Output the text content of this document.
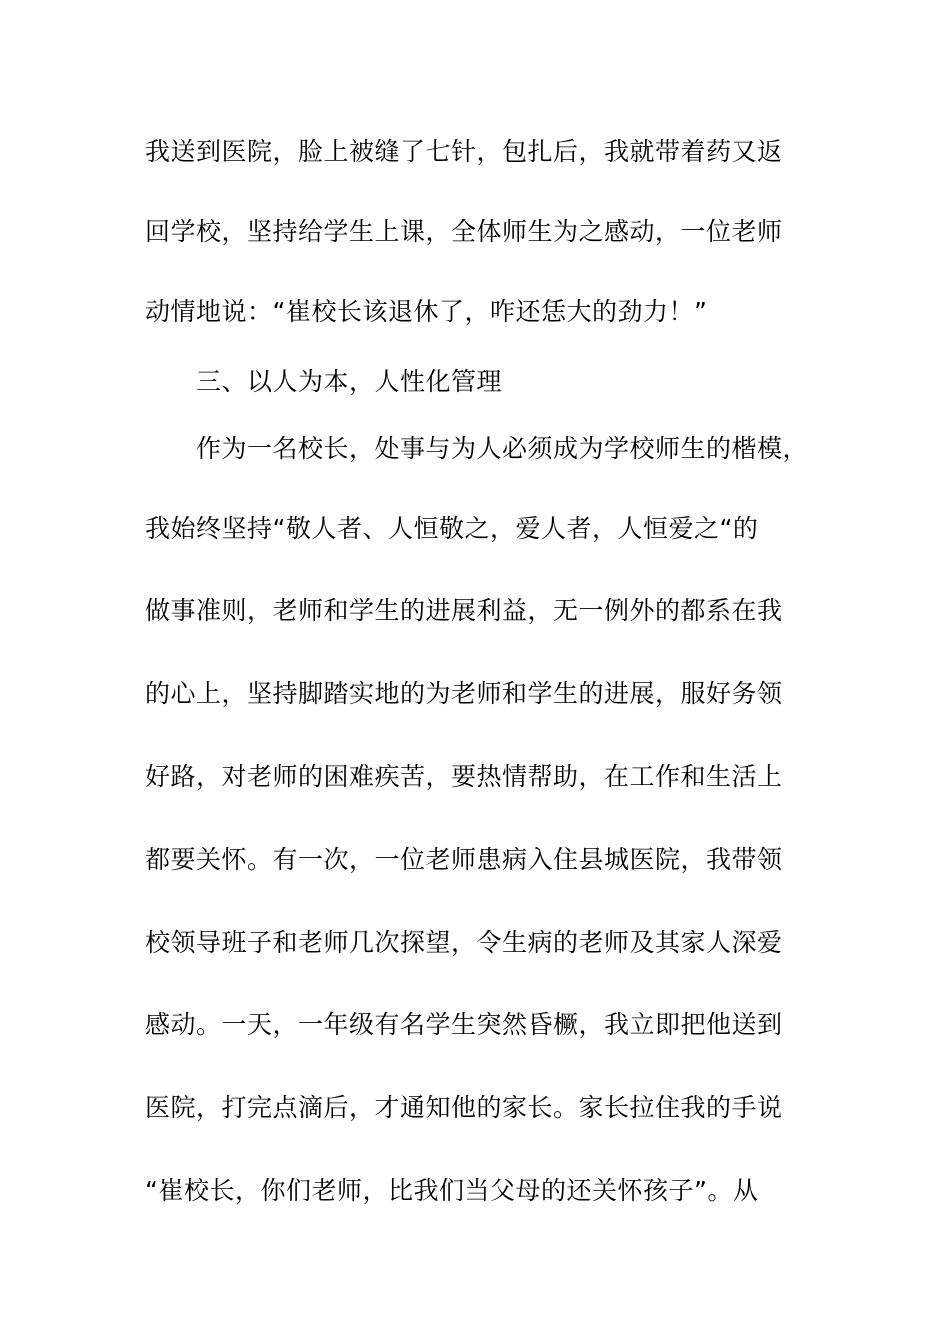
我送到医院，脸上被缝了七针，包扎后，我就带着药又返
回学校，坚持给学生上课，全体师生为之感动，一位老师
动情地说：“崔校长该退休了，咋还恁大的劲力！”
三、以人为本，人性化管理
作为一名校长，处事与为人必须成为学校师生的楷模，
我始终坚持“敬人者、人恒敬之，爱人者，人恒爱之“的
做事准则，老师和学生的进展利益，无一例外的都系在我
的心上，坚持脚踏实地的为老师和学生的进展，服好务领
好路，对老师的困难疾苦，要热情帮助，在工作和生活上
都要关怀。有一次，一位老师患病入住县城医院，我带领
校领导班子和老师几次探望，令生病的老师及其家人深爱
感动。一天，一年级有名学生突然昏橛，我立即把他送到
医院，打完点滴后，才通知他的家长。家长拉住我的手说
“崔校长，你们老师，比我们当父母的还关怀孩子”。从
